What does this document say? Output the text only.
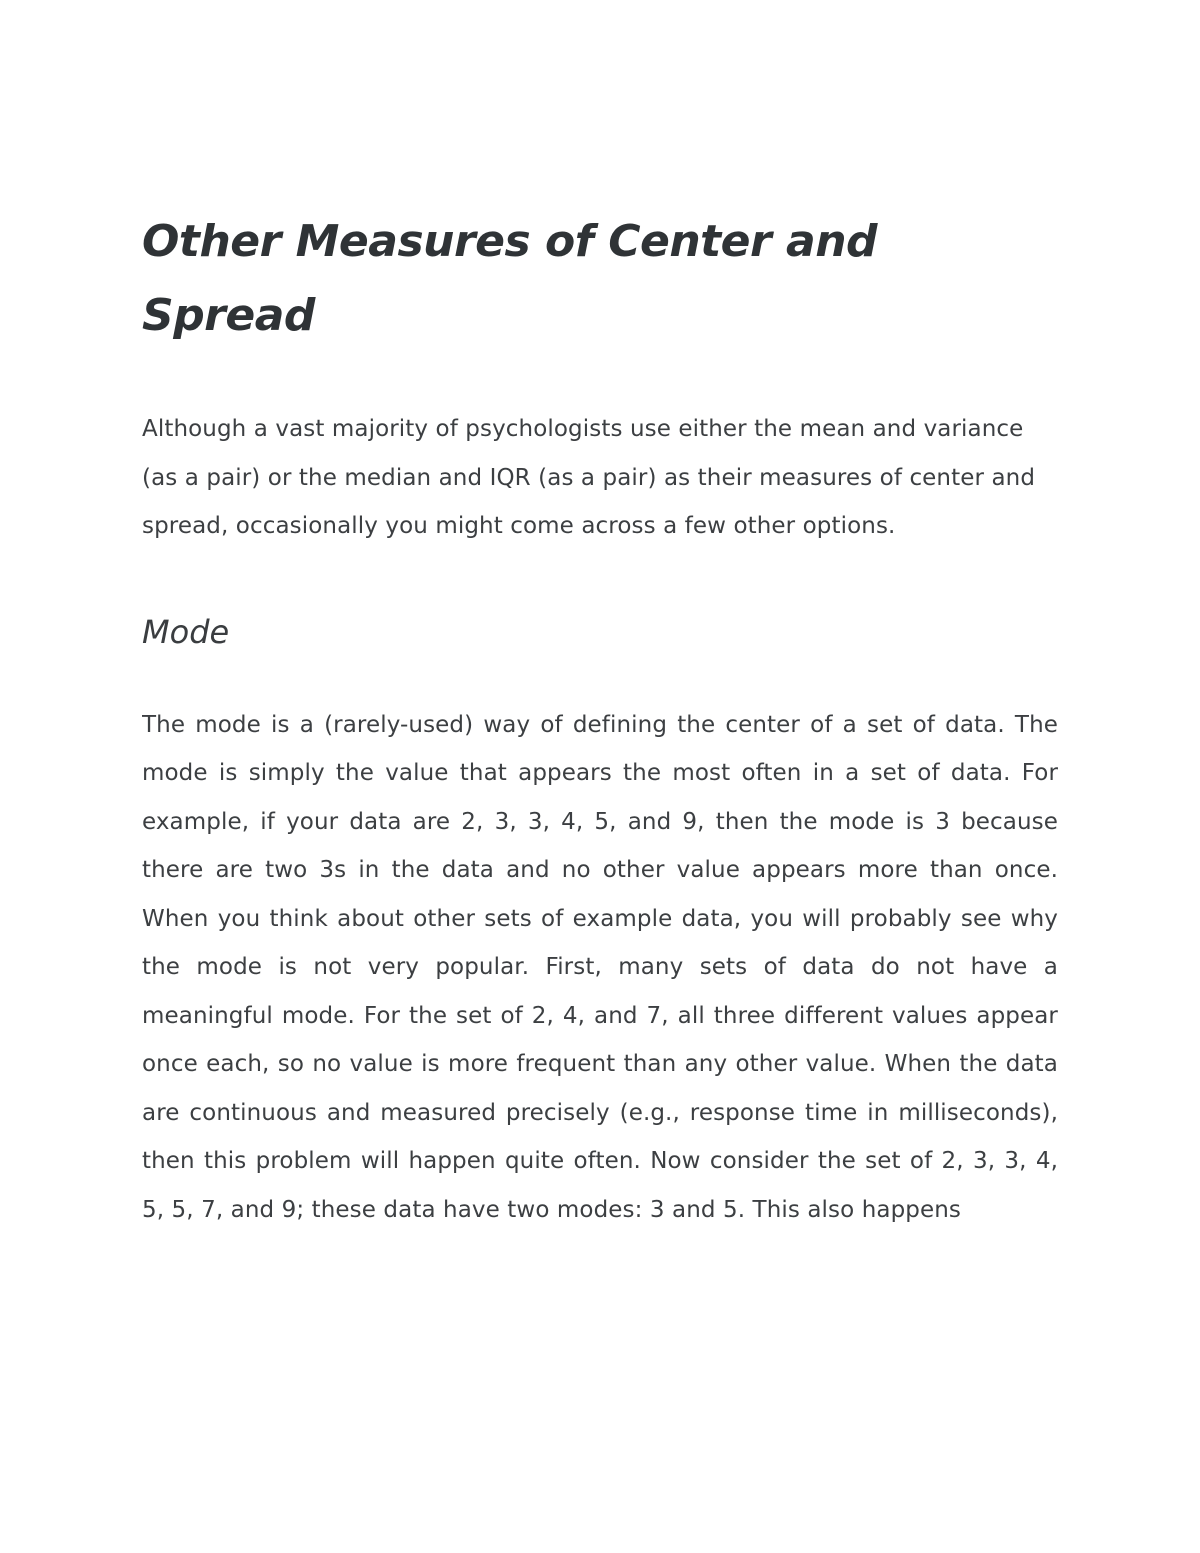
Other Measures of Center and Spread

Although a vast majority of psychologists use either the mean and variance (as a pair) or the median and IQR (as a pair) as their measures of center and spread, occasionally you might come across a few other options.

Mode

The mode is a (rarely-used) way of defining the center of a set of data. The mode is simply the value that appears the most often in a set of data. For example, if your data are 2, 3, 3, 4, 5, and 9, then the mode is 3 because there are two 3s in the data and no other value appears more than once. When you think about other sets of example data, you will probably see why the mode is not very popular. First, many sets of data do not have a meaningful mode. For the set of 2, 4, and 7, all three different values appear once each, so no value is more frequent than any other value. When the data are continuous and measured precisely (e.g., response time in milliseconds), then this problem will happen quite often. Now consider the set of 2, 3, 3, 4, 5, 5, 7, and 9; these data have two modes: 3 and 5. This also happens
